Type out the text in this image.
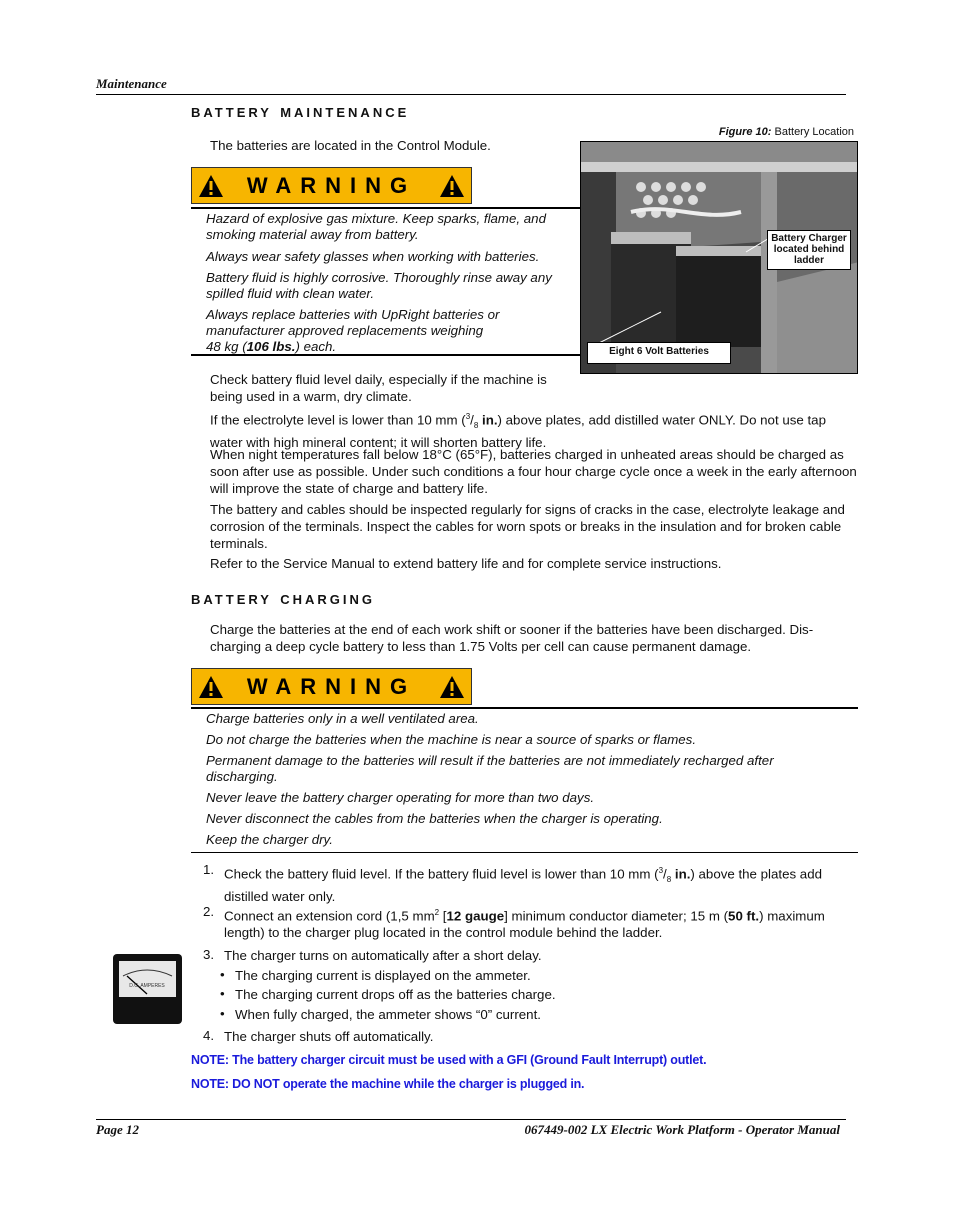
Maintenance
battery maintenance
The batteries are located in the Control Module.
Figure 10: Battery Location
Battery Charger located behind ladder
Eight 6 Volt Batteries
WARNING
Hazard of explosive gas mixture. Keep sparks, flame, and smoking material away from battery.
Always wear safety glasses when working with batteries.
Battery fluid is highly corrosive. Thoroughly rinse away any spilled fluid with clean water.
Always replace batteries with UpRight batteries or manufacturer approved replacements weighing
48 kg (106 lbs.) each.
Check battery fluid level daily, especially if the machine is being used in a warm, dry climate.
If the electrolyte level is lower than 10 mm ($^3/_8$ in.) above plates, add distilled water ONLY. Do not use tap water with high mineral content; it will shorten battery life.
When night temperatures fall below 18°C (65°F), batteries charged in unheated areas should be charged as soon after use as possible. Under such conditions a four hour charge cycle once a week in the early afternoon will improve the state of charge and battery life.
The battery and cables should be inspected regularly for signs of cracks in the case, electrolyte leakage and corrosion of the terminals. Inspect the cables for worn spots or breaks in the insulation and for broken cable terminals.
Refer to the Service Manual to extend battery life and for complete service instructions.
battery charging
Charge the batteries at the end of each work shift or sooner if the batteries have been discharged. Dis-
charging a deep cycle battery to less than 1.75 Volts per cell can cause permanent damage.
WARNING
Charge batteries only in a well ventilated area.
Do not charge the batteries when the machine is near a source of sparks or flames.
Permanent damage to the batteries will result if the batteries are not immediately recharged after discharging.
Never leave the battery charger operating for more than two days.
Never disconnect the cables from the batteries when the charger is operating.
Keep the charger dry.
1. Check the battery fluid level. If the battery fluid level is lower than 10 mm ($^3/_8$ in.) above the plates add distilled water only.
2. Connect an extension cord (1,5 $mm^2$ [12 gauge] minimum conductor diameter; 15 m (50 ft.) maximum length) to the charger plug located in the control module behind the ladder.
D.C. AMPERES
3. The charger turns on automatically after a short delay.
• The charging current is displayed on the ammeter.
• The charging current drops off as the batteries charge.
• When fully charged, the ammeter shows “0” current.
4. The charger shuts off automatically.
NOTE: The battery charger circuit must be used with a GFI (Ground Fault Interrupt) outlet.
NOTE: DO NOT operate the machine while the charger is plugged in.
Page 12	067449-002 LX Electric Work Platform - Operator Manual
